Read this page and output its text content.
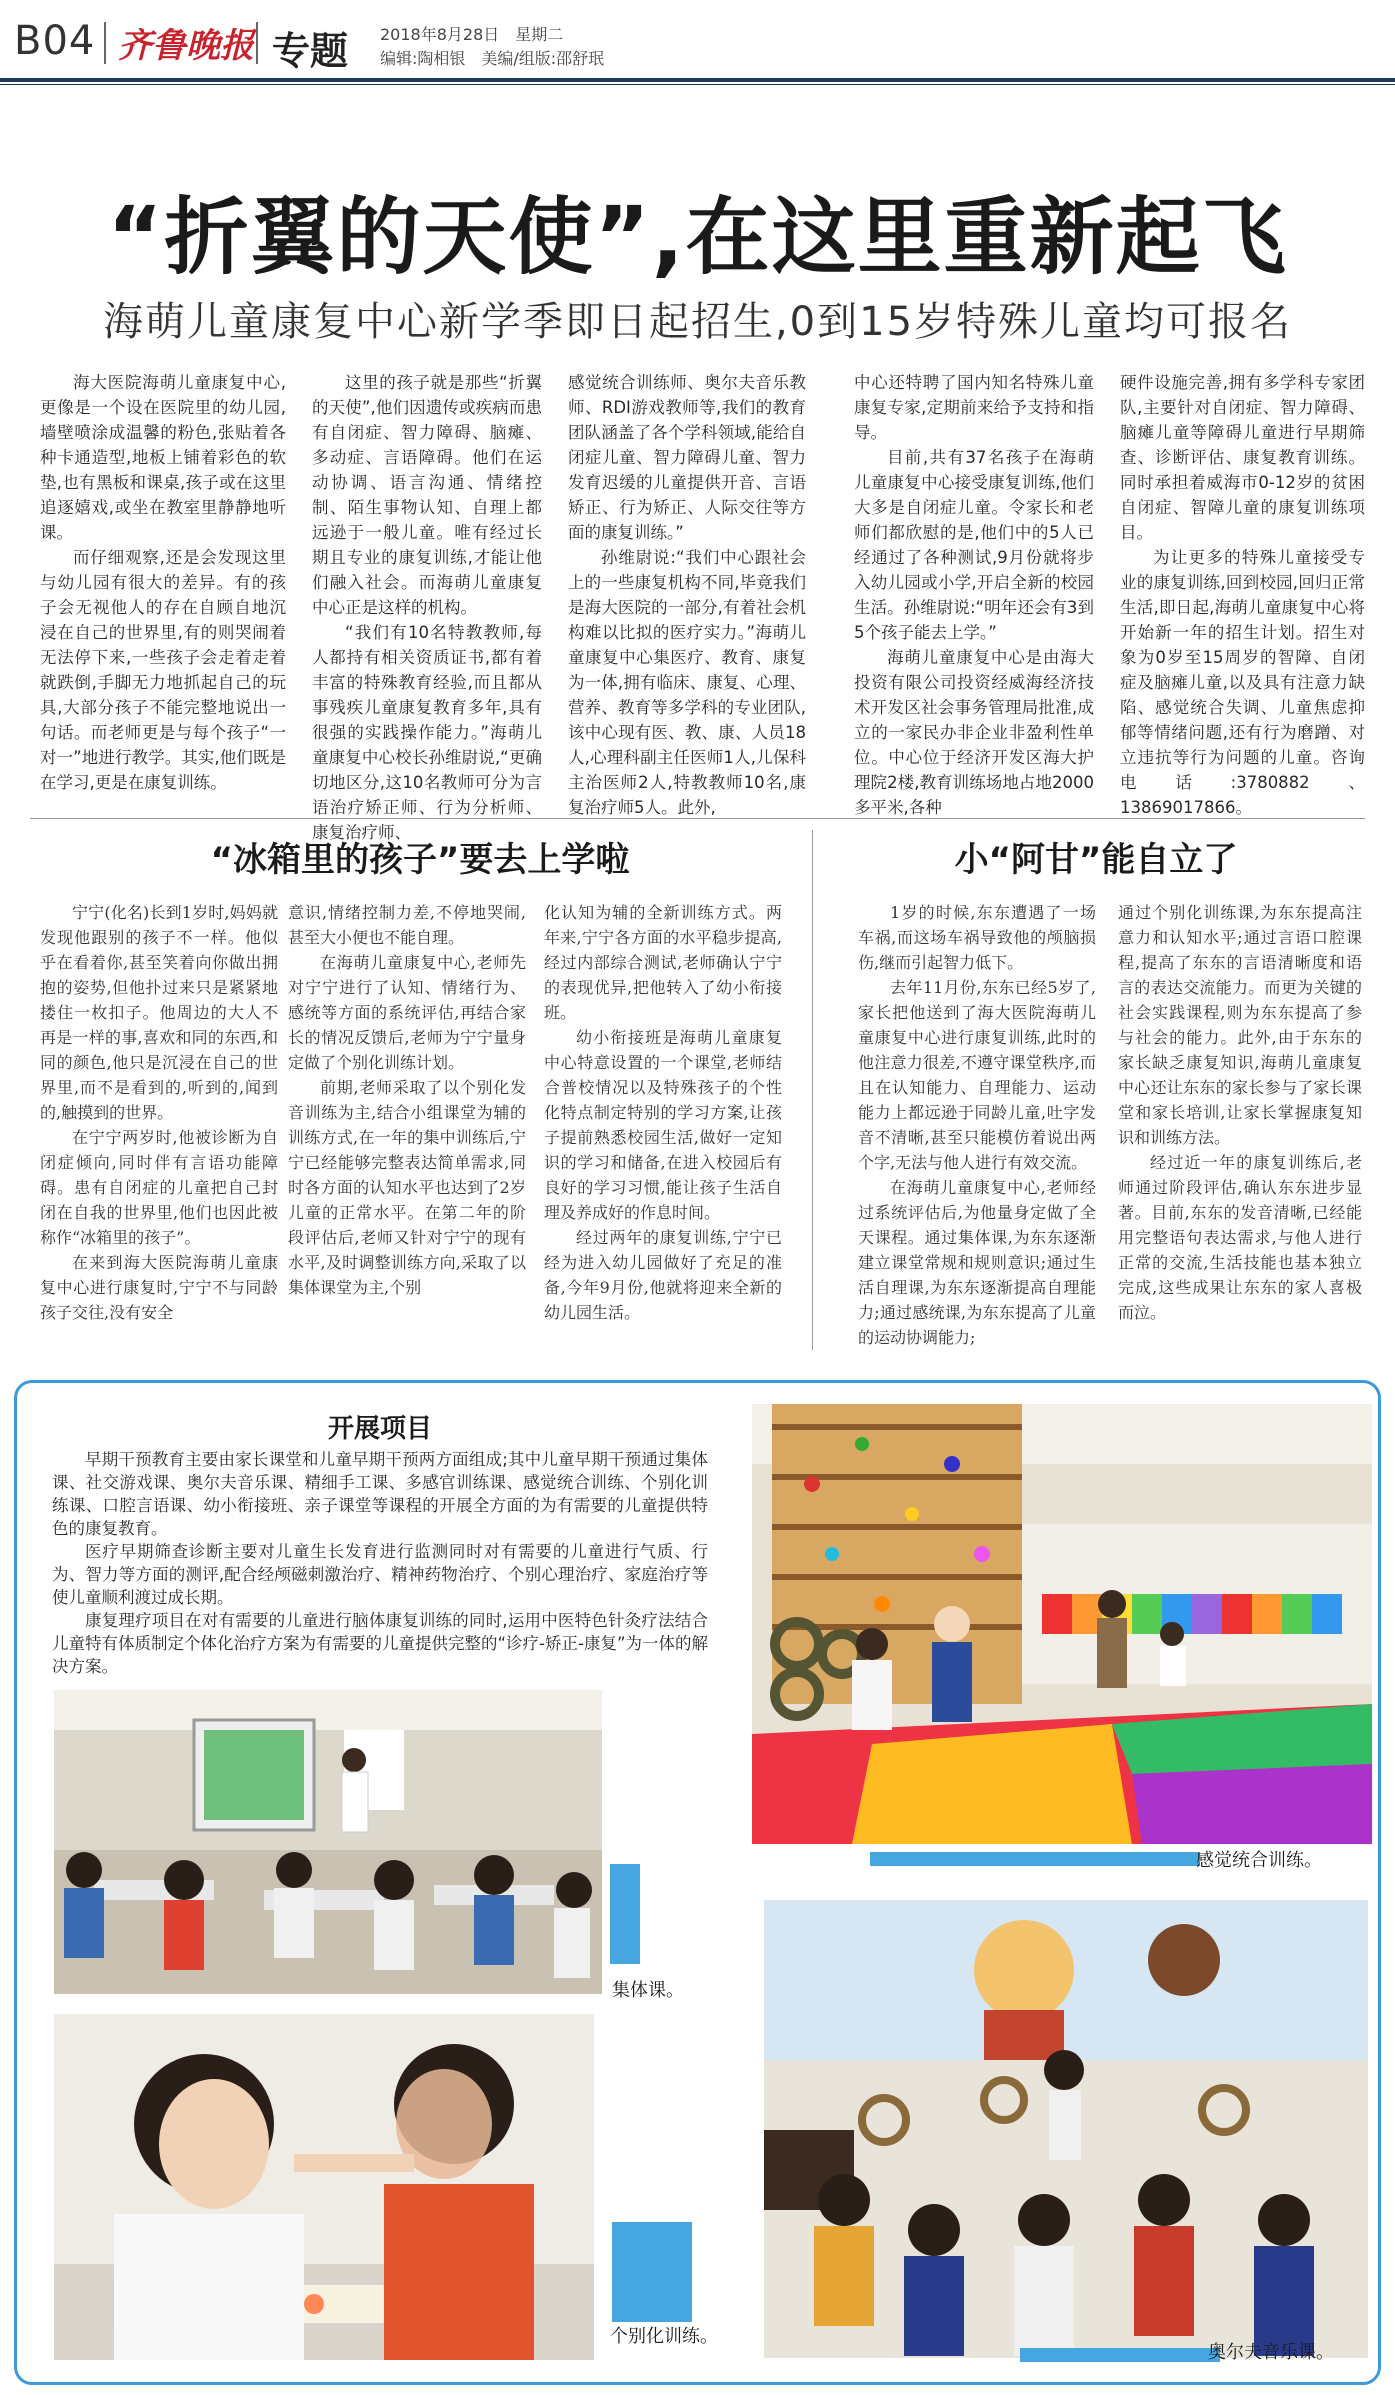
B04 齐鲁晚报 专题 2018年8月28日　星期二
编辑:陶相银　美编/组版:邵舒珉
“折翼的天使”,在这里重新起飞
海萌儿童康复中心新学季即日起招生,0到15岁特殊儿童均可报名

海大医院海萌儿童康复中心,更像是一个设在医院里的幼儿园,墙壁喷涂成温馨的粉色,张贴着各种卡通造型,地板上铺着彩色的软垫,也有黑板和课桌,孩子或在这里追逐嬉戏,或坐在教室里静静地听课。

而仔细观察,还是会发现这里与幼儿园有很大的差异。有的孩子会无视他人的存在自顾自地沉浸在自己的世界里,有的则哭闹着无法停下来,一些孩子会走着走着就跌倒,手脚无力地抓起自己的玩具,大部分孩子不能完整地说出一句话。而老师更是与每个孩子“一对一”地进行教学。其实,他们既是在学习,更是在康复训练。

这里的孩子就是那些“折翼的天使”,他们因遗传或疾病而患有自闭症、智力障碍、脑瘫、多动症、言语障碍。他们在运动协调、语言沟通、情绪控制、陌生事物认知、自理上都远逊于一般儿童。唯有经过长期且专业的康复训练,才能让他们融入社会。而海萌儿童康复中心正是这样的机构。

“我们有10名特教教师,每人都持有相关资质证书,都有着丰富的特殊教育经验,而且都从事残疾儿童康复教育多年,具有很强的实践操作能力。”海萌儿童康复中心校长孙维尉说,“更确切地区分,这10名教师可分为言语治疗矫正师、行为分析师、康复治疗师、

感觉统合训练师、奥尔夫音乐教师、RDI游戏教师等,我们的教育团队涵盖了各个学科领域,能给自闭症儿童、智力障碍儿童、智力发育迟缓的儿童提供开音、言语矫正、行为矫正、人际交往等方面的康复训练。”

孙维尉说:“我们中心跟社会上的一些康复机构不同,毕竟我们是海大医院的一部分,有着社会机构难以比拟的医疗实力。”海萌儿童康复中心集医疗、教育、康复为一体,拥有临床、康复、心理、营养、教育等多学科的专业团队,该中心现有医、教、康、人员18人,心理科副主任医师1人,儿保科主治医师2人,特教教师10名,康复治疗师5人。此外,

中心还特聘了国内知名特殊儿童康复专家,定期前来给予支持和指导。

目前,共有37名孩子在海萌儿童康复中心接受康复训练,他们大多是自闭症儿童。令家长和老师们都欣慰的是,他们中的5人已经通过了各种测试,9月份就将步入幼儿园或小学,开启全新的校园生活。孙维尉说:“明年还会有3到5个孩子能去上学。”

海萌儿童康复中心是由海大投资有限公司投资经威海经济技术开发区社会事务管理局批准,成立的一家民办非企业非盈利性单位。中心位于经济开发区海大护理院2楼,教育训练场地占地2000多平米,各种

硬件设施完善,拥有多学科专家团队,主要针对自闭症、智力障碍、脑瘫儿童等障碍儿童进行早期筛查、诊断评估、康复教育训练。同时承担着威海市0-12岁的贫困自闭症、智障儿童的康复训练项目。

为让更多的特殊儿童接受专业的康复训练,回到校园,回归正常生活,即日起,海萌儿童康复中心将开始新一年的招生计划。招生对象为0岁至15周岁的智障、自闭症及脑瘫儿童,以及具有注意力缺陷、感觉统合失调、儿童焦虑抑郁等情绪问题,还有行为磨蹭、对立违抗等行为问题的儿童。咨询电话:3780882、13869017866。

“冰箱里的孩子”要去上学啦

宁宁(化名)长到1岁时,妈妈就发现他跟别的孩子不一样。他似乎在看着你,甚至笑着向你做出拥抱的姿势,但他扑过来只是紧紧地搂住一枚扣子。他周边的大人不再是一样的事,喜欢和同的东西,和同的颜色,他只是沉浸在自己的世界里,而不是看到的,听到的,闻到的,触摸到的世界。

在宁宁两岁时,他被诊断为自闭症倾向,同时伴有言语功能障碍。患有自闭症的儿童把自己封闭在自我的世界里,他们也因此被称作“冰箱里的孩子”。

在来到海大医院海萌儿童康复中心进行康复时,宁宁不与同龄孩子交往,没有安全

意识,情绪控制力差,不停地哭闹,甚至大小便也不能自理。

在海萌儿童康复中心,老师先对宁宁进行了认知、情绪行为、感统等方面的系统评估,再结合家长的情况反馈后,老师为宁宁量身定做了个别化训练计划。

前期,老师采取了以个别化发音训练为主,结合小组课堂为辅的训练方式,在一年的集中训练后,宁宁已经能够完整表达简单需求,同时各方面的认知水平也达到了2岁儿童的正常水平。在第二年的阶段评估后,老师又针对宁宁的现有水平,及时调整训练方向,采取了以集体课堂为主,个别

化认知为辅的全新训练方式。两年来,宁宁各方面的水平稳步提高,经过内部综合测试,老师确认宁宁的表现优异,把他转入了幼小衔接班。

幼小衔接班是海萌儿童康复中心特意设置的一个课堂,老师结合普校情况以及特殊孩子的个性化特点制定特别的学习方案,让孩子提前熟悉校园生活,做好一定知识的学习和储备,在进入校园后有良好的学习习惯,能让孩子生活自理及养成好的作息时间。

经过两年的康复训练,宁宁已经为进入幼儿园做好了充足的准备,今年9月份,他就将迎来全新的幼儿园生活。

小“阿甘”能自立了

1岁的时候,东东遭遇了一场车祸,而这场车祸导致他的颅脑损伤,继而引起智力低下。

去年11月份,东东已经5岁了,家长把他送到了海大医院海萌儿童康复中心进行康复训练,此时的他注意力很差,不遵守课堂秩序,而且在认知能力、自理能力、运动能力上都远逊于同龄儿童,吐字发音不清晰,甚至只能模仿着说出两个字,无法与他人进行有效交流。

在海萌儿童康复中心,老师经过系统评估后,为他量身定做了全天课程。通过集体课,为东东逐渐建立课堂常规和规则意识;通过生活自理课,为东东逐渐提高自理能力;通过感统课,为东东提高了儿童的运动协调能力;

通过个别化训练课,为东东提高注意力和认知水平;通过言语口腔课程,提高了东东的言语清晰度和语言的表达交流能力。而更为关键的社会实践课程,则为东东提高了参与社会的能力。此外,由于东东的家长缺乏康复知识,海萌儿童康复中心还让东东的家长参与了家长课堂和家长培训,让家长掌握康复知识和训练方法。

经过近一年的康复训练后,老师通过阶段评估,确认东东进步显著。目前,东东的发音清晰,已经能用完整语句表达需求,与他人进行正常的交流,生活技能也基本独立完成,这些成果让东东的家人喜极而泣。

开展项目

早期干预教育主要由家长课堂和儿童早期干预两方面组成;其中儿童早期干预通过集体课、社交游戏课、奥尔夫音乐课、精细手工课、多感官训练课、感觉统合训练、个别化训练课、口腔言语课、幼小衔接班、亲子课堂等课程的开展全方面的为有需要的儿童提供特色的康复教育。

医疗早期筛查诊断主要对儿童生长发育进行监测同时对有需要的儿童进行气质、行为、智力等方面的测评,配合经颅磁刺激治疗、精神药物治疗、个别心理治疗、家庭治疗等使儿童顺利渡过成长期。

康复理疗项目在对有需要的儿童进行脑体康复训练的同时,运用中医特色针灸疗法结合儿童特有体质制定个体化治疗方案为有需要的儿童提供完整的“诊疗-矫正-康复”为一体的解决方案。

感觉统合训练。
集体课。
个别化训练。
奥尔夫音乐课。
